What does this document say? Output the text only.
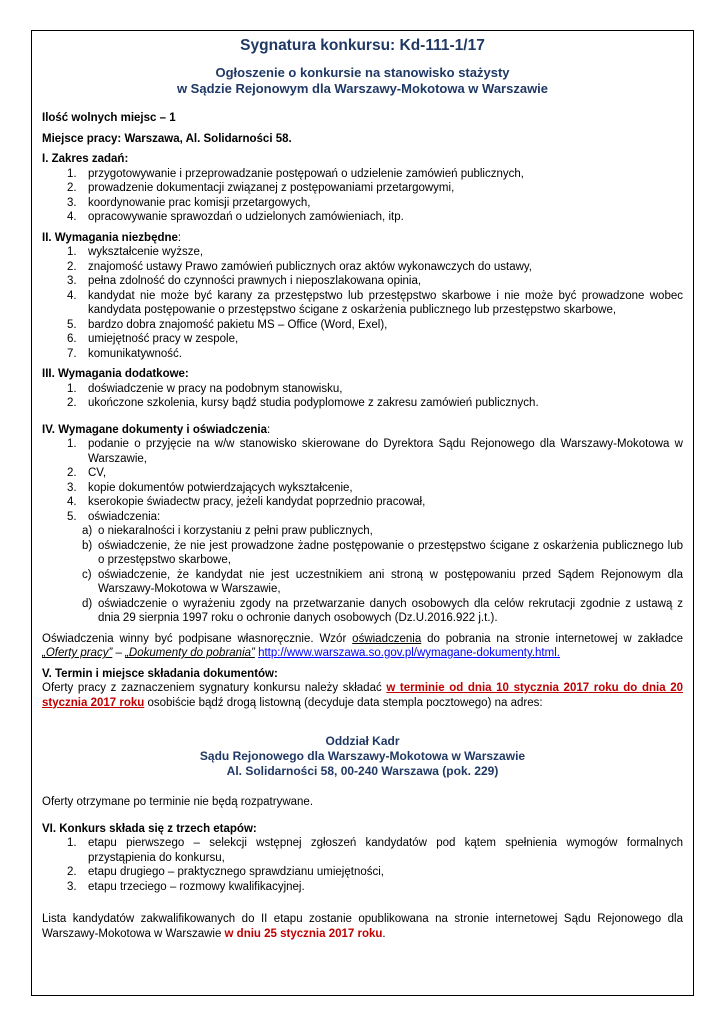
Sygnatura konkursu: Kd-111-1/17

Ogłoszenie o konkursie na stanowisko stażysty
w Sądzie Rejonowym dla Warszawy-Mokotowa w Warszawie

Ilość wolnych miejsc – 1

Miejsce pracy: Warszawa, Al. Solidarności 58.

I. Zakres zadań:

1. przygotowywanie i przeprowadzanie postępowań o udzielenie zamówień publicznych,
2. prowadzenie dokumentacji związanej z postępowaniami przetargowymi,
3. koordynowanie prac komisji przetargowych,
4. opracowywanie sprawozdań o udzielonych zamówieniach, itp.

II. Wymagania niezbędne:

1. wykształcenie wyższe,
2. znajomość ustawy Prawo zamówień publicznych oraz aktów wykonawczych do ustawy,
3. pełna zdolność do czynności prawnych i nieposzlakowana opinia,
4. kandydat nie może być karany za przestępstwo lub przestępstwo skarbowe i nie może być prowadzone wobec kandydata postępowanie o przestępstwo ścigane z oskarżenia publicznego lub przestępstwo skarbowe,
5. bardzo dobra znajomość pakietu MS – Office (Word, Exel),
6. umiejętność pracy w zespole,
7. komunikatywność.

III. Wymagania dodatkowe:

1. doświadczenie w pracy na podobnym stanowisku,
2. ukończone szkolenia, kursy bądź studia podyplomowe z zakresu zamówień publicznych.

IV. Wymagane dokumenty i oświadczenia:

1. podanie o przyjęcie na w/w stanowisko skierowane do Dyrektora Sądu Rejonowego dla Warszawy-Mokotowa w Warszawie,
2. CV,
3. kopie dokumentów potwierdzających wykształcenie,
4. kserokopie świadectw pracy, jeżeli kandydat poprzednio pracował,
5. oświadczenia:
a) o niekaralności i korzystaniu z pełni praw publicznych,
b) oświadczenie, że nie jest prowadzone żadne postępowanie o przestępstwo ścigane z oskarżenia publicznego lub o przestępstwo skarbowe,
c) oświadczenie, że kandydat nie jest uczestnikiem ani stroną w postępowaniu przed Sądem Rejonowym dla Warszawy-Mokotowa w Warszawie,
d) oświadczenie o wyrażeniu zgody na przetwarzanie danych osobowych dla celów rekrutacji zgodnie z ustawą z dnia 29 sierpnia 1997 roku o ochronie danych osobowych (Dz.U.2016.922 j.t.).

Oświadczenia winny być podpisane własnoręcznie. Wzór oświadczenia do pobrania na stronie internetowej w zakładce „Oferty pracy” – „Dokumenty do pobrania” http://www.warszawa.so.gov.pl/wymagane-dokumenty.html.

V. Termin i miejsce składania dokumentów:

Oferty pracy z zaznaczeniem sygnatury konkursu należy składać w terminie od dnia 10 stycznia 2017 roku do dnia 20 stycznia 2017 roku osobiście bądź drogą listowną (decyduje data stempla pocztowego) na adres:

Oddział Kadr
Sądu Rejonowego dla Warszawy-Mokotowa w Warszawie
Al. Solidarności 58, 00-240 Warszawa (pok. 229)

Oferty otrzymane po terminie nie będą rozpatrywane.

VI. Konkurs składa się z trzech etapów:

1. etapu pierwszego – selekcji wstępnej zgłoszeń kandydatów pod kątem spełnienia wymogów formalnych przystąpienia do konkursu,
2. etapu drugiego – praktycznego sprawdzianu umiejętności,
3. etapu trzeciego – rozmowy kwalifikacyjnej.

Lista kandydatów zakwalifikowanych do II etapu zostanie opublikowana na stronie internetowej Sądu Rejonowego dla Warszawy-Mokotowa w Warszawie w dniu 25 stycznia 2017 roku.
